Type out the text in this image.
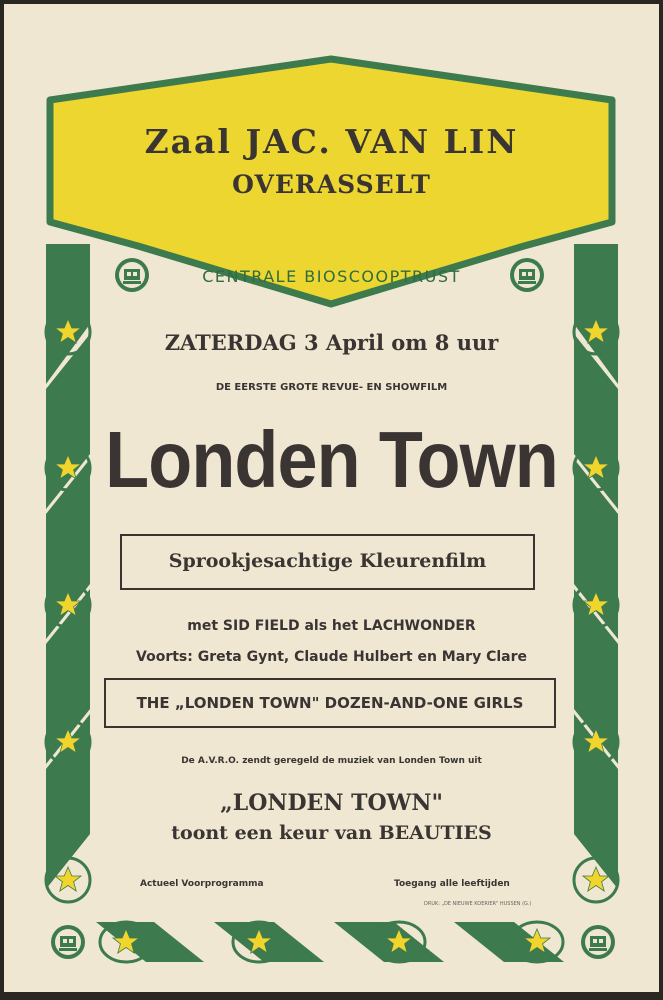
Zaal JAC. VAN LIN
OVERASSELT
CENTRALE BIOSCOOPTRUST
ZATERDAG 3 April om 8 uur
DE EERSTE GROTE REVUE- EN SHOWFILM
Londen Town
Sprookjesachtige Kleurenfilm
met SID FIELD als het LACHWONDER
Voorts: Greta Gynt, Claude Hulbert en Mary Clare
THE „LONDEN TOWN" DOZEN-AND-ONE GIRLS
De A.V.R.O. zendt geregeld de muziek van Londen Town uit
„LONDEN TOWN"
toont een keur van BEAUTIES
Actueel Voorprogramma	Toegang alle leeftijden
DRUK: „DE NIEUWE KOERIER" HUSSEN (G.)
